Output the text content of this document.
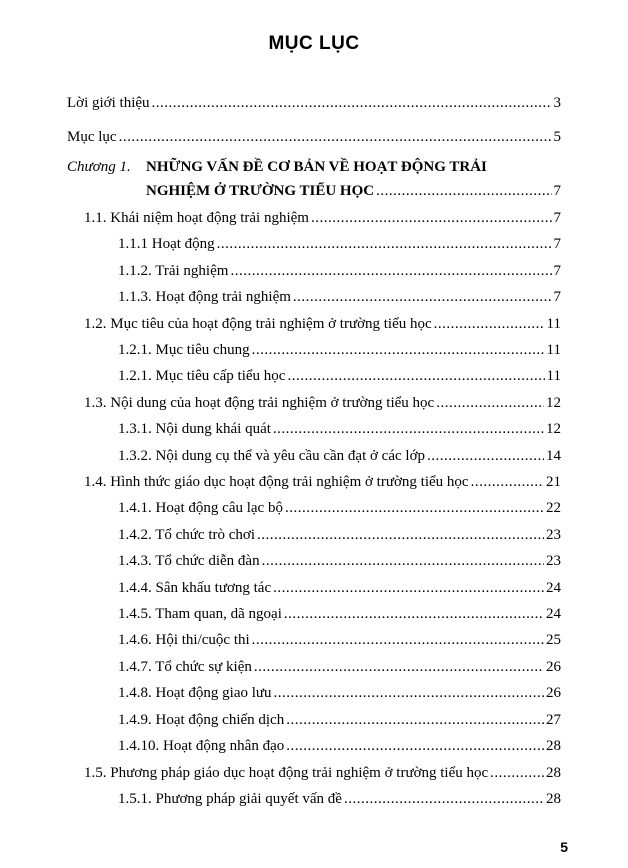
MỤC LỤC
Lời giới thiệu .....	3
Mục lục .....	5
Chương 1. NHỮNG VẤN ĐỀ CƠ BẢN VỀ HOẠT ĐỘNG TRẢI
NGHIỆM Ở TRƯỜNG TIỂU HỌC .....	7
1.1. Khái niệm hoạt động trải nghiệm .....	7
1.1.1 Hoạt động .....	7
1.1.2. Trải nghiệm .....	7
1.1.3. Hoạt động trải nghiệm .....	7
1.2. Mục tiêu của hoạt động trải nghiệm ở trường tiểu học .....	11
1.2.1. Mục tiêu chung .....	11
1.2.1. Mục tiêu cấp tiểu học .....	11
1.3. Nội dung của hoạt động trải nghiệm ở trường tiểu học .....	12
1.3.1. Nội dung khái quát .....	12
1.3.2. Nội dung cụ thể và yêu cầu cần đạt ở các lớp .....	14
1.4. Hình thức giáo dục hoạt động trải nghiệm ở trường tiểu học .....	21
1.4.1. Hoạt động câu lạc bộ .....	22
1.4.2. Tổ chức trò chơi .....	23
1.4.3. Tổ chức diễn đàn .....	23
1.4.4. Sân khấu tương tác .....	24
1.4.5. Tham quan, dã ngoại .....	24
1.4.6. Hội thi/cuộc thi .....	25
1.4.7. Tổ chức sự kiện .....	26
1.4.8. Hoạt động giao lưu .....	26
1.4.9. Hoạt động chiến dịch .....	27
1.4.10. Hoạt động nhân đạo .....	28
1.5. Phương pháp giáo dục hoạt động trải nghiệm ở trường tiểu học .....	28
1.5.1. Phương pháp giải quyết vấn đề .....	28
5
